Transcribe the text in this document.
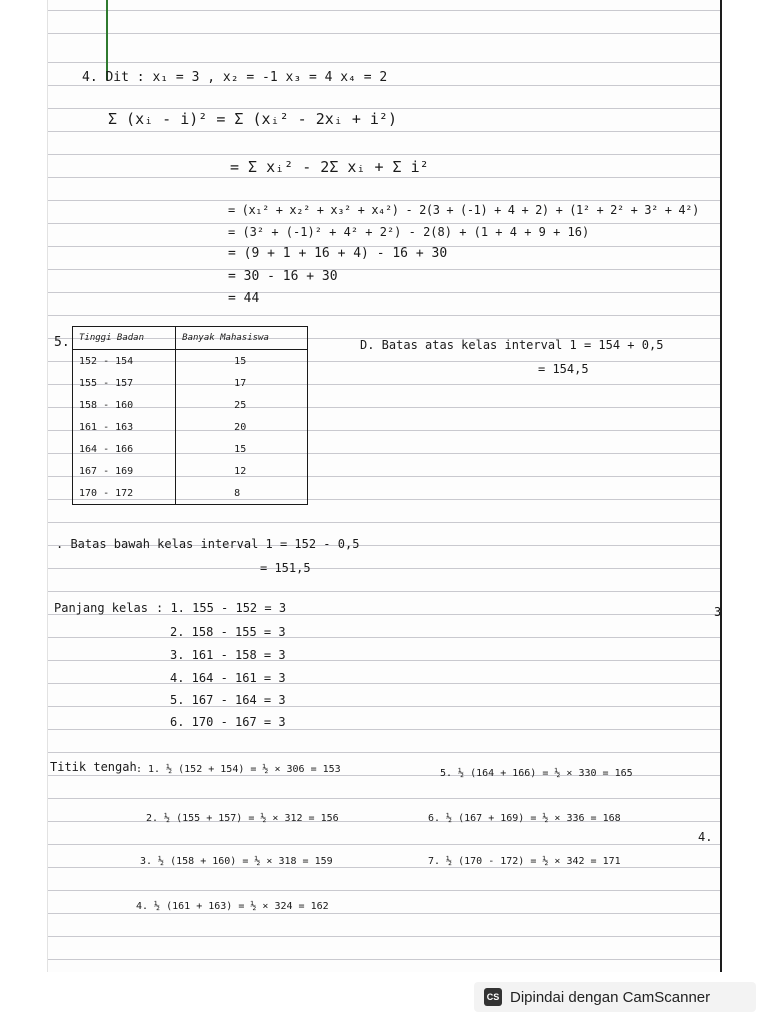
4. Dit : x₁ = 3 , x₂ = -1 x₃ = 4 x₄ = 2
Σ (xᵢ - i)² = Σ (xᵢ² - 2xᵢ + i²)
= Σ xᵢ² - 2Σ xᵢ + Σ i²
= (x₁² + x₂² + x₃² + x₄²) - 2(3 + (-1) + 4 + 2) + (1² + 2² + 3² + 4²)
= (3² + (-1)² + 4² + 2²) - 2(8) + (1 + 4 + 9 + 16)
= (9 + 1 + 16 + 4) - 16 + 30
= 30 - 16 + 30
= 44
5.	D. Batas atas kelas interval 1 = 154 + 0,5
= 154,5
. Batas bawah kelas interval 1 = 152 - 0,5
= 151,5
Panjang kelas : 1. 155 - 152 = 3
2. 158 - 155 = 3
3. 161 - 158 = 3
4. 164 - 161 = 3
5. 167 - 164 = 3
6. 170 - 167 = 3
Titik tengah : 1. ½ (152 + 154) = ½ × 306 = 153
2. ½ (155 + 157) = ½ × 312 = 156
3. ½ (158 + 160) = ½ × 318 = 159
4. ½ (161 + 163) = ½ × 324 = 162
5. ½ (164 + 166) = ½ × 330 = 165
6. ½ (167 + 169) = ½ × 336 = 168
7. ½ (170 - 172) = ½ × 342 = 171
3
4.
Tinggi Badan	Banyak Mahasiswa
152 - 154	15
155 - 157	17
158 - 160	25
161 - 163	20
164 - 166	15
167 - 169	12
170 - 172	8
CS Dipindai dengan CamScanner
